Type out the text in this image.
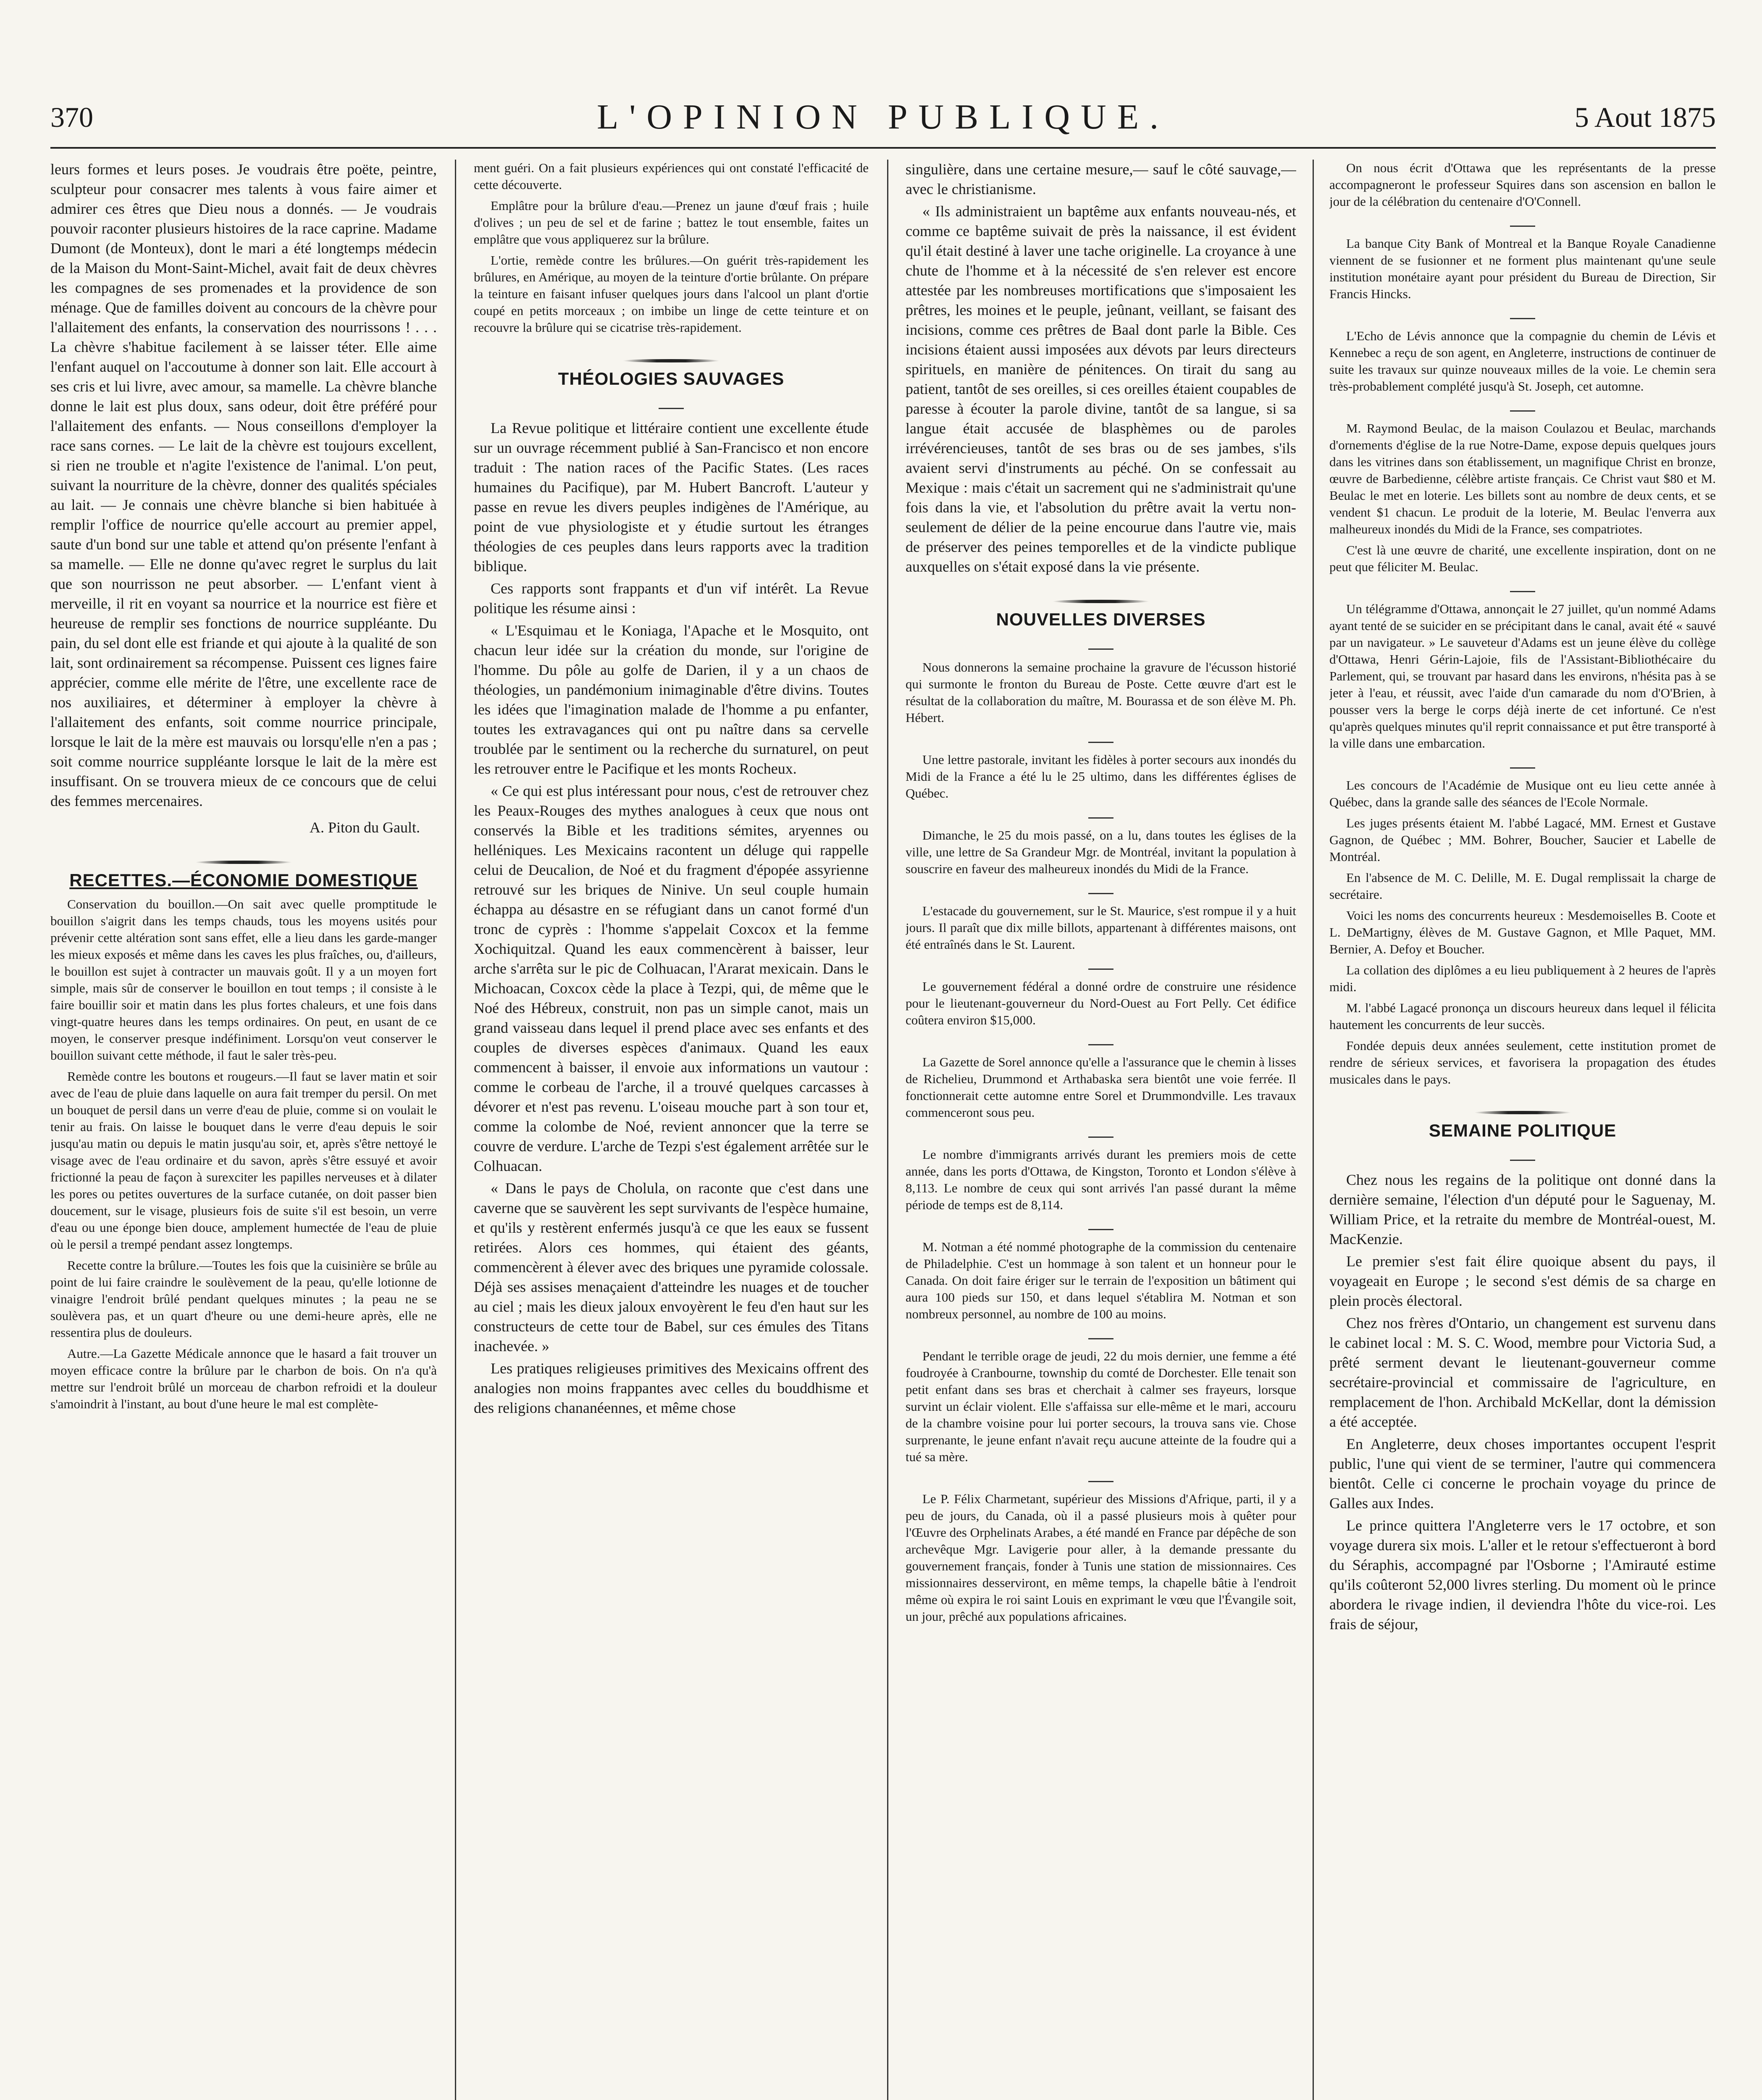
L'OPINION PUBLIQUE.
370	5 Aout 1875

leurs formes et leurs poses. Je voudrais être poëte, peintre, sculpteur pour consacrer mes talents à vous faire aimer et admirer ces êtres que Dieu nous a donnés. — Je voudrais pouvoir raconter plusieurs histoires de la race caprine. Madame Dumont (de Monteux), dont le mari a été longtemps médecin de la Maison du Mont-Saint-Michel, avait fait de deux chèvres les compagnes de ses promenades et la providence de son ménage. Que de familles doivent au concours de la chèvre pour l'allaitement des enfants, la conservation des nourrissons ! . . . La chèvre s'habitue facilement à se laisser téter. Elle aime l'enfant auquel on l'accoutume à donner son lait. Elle accourt à ses cris et lui livre, avec amour, sa mamelle. La chèvre blanche donne le lait est plus doux, sans odeur, doit être préféré pour l'allaitement des enfants. — Nous conseillons d'employer la race sans cornes. — Le lait de la chèvre est toujours excellent, si rien ne trouble et n'agite l'existence de l'animal. L'on peut, suivant la nourriture de la chèvre, donner des qualités spéciales au lait. — Je connais une chèvre blanche si bien habituée à remplir l'office de nourrice qu'elle accourt au premier appel, saute d'un bond sur une table et attend qu'on présente l'enfant à sa mamelle. — Elle ne donne qu'avec regret le surplus du lait que son nourrisson ne peut absorber. — L'enfant vient à merveille, il rit en voyant sa nourrice et la nourrice est fière et heureuse de remplir ses fonctions de nourrice suppléante. Du pain, du sel dont elle est friande et qui ajoute à la qualité de son lait, sont ordinairement sa récompense. Puissent ces lignes faire apprécier, comme elle mérite de l'être, une excellente race de nos auxiliaires, et déterminer à employer la chèvre à l'allaitement des enfants, soit comme nourrice principale, lorsque le lait de la mère est mauvais ou lorsqu'elle n'en a pas ; soit comme nourrice suppléante lorsque le lait de la mère est insuffisant. On se trouvera mieux de ce concours que de celui des femmes mercenaires.

A. Piton du Gault.

RECETTES.—ÉCONOMIE DOMESTIQUE

Conservation du bouillon.—On sait avec quelle promptitude le bouillon s'aigrit dans les temps chauds, tous les moyens usités pour prévenir cette altération sont sans effet, elle a lieu dans les garde-manger les mieux exposés et même dans les caves les plus fraîches, ou, d'ailleurs, le bouillon est sujet à contracter un mauvais goût. Il y a un moyen fort simple, mais sûr de conserver le bouillon en tout temps ; il consiste à le faire bouillir soir et matin dans les plus fortes chaleurs, et une fois dans vingt-quatre heures dans les temps ordinaires. On peut, en usant de ce moyen, le conserver presque indéfiniment. Lorsqu'on veut conserver le bouillon suivant cette méthode, il faut le saler très-peu.

Remède contre les boutons et rougeurs.—Il faut se laver matin et soir avec de l'eau de pluie dans laquelle on aura fait tremper du persil. On met un bouquet de persil dans un verre d'eau de pluie, comme si on voulait le tenir au frais. On laisse le bouquet dans le verre d'eau depuis le soir jusqu'au matin ou depuis le matin jusqu'au soir, et, après s'être nettoyé le visage avec de l'eau ordinaire et du savon, après s'être essuyé et avoir frictionné la peau de façon à surexciter les papilles nerveuses et à dilater les pores ou petites ouvertures de la surface cutanée, on doit passer bien doucement, sur le visage, plusieurs fois de suite s'il est besoin, un verre d'eau ou une éponge bien douce, amplement humectée de l'eau de pluie où le persil a trempé pendant assez longtemps.

Recette contre la brûlure.—Toutes les fois que la cuisinière se brûle au point de lui faire craindre le soulèvement de la peau, qu'elle lotionne de vinaigre l'endroit brûlé pendant quelques minutes ; la peau ne se soulèvera pas, et un quart d'heure ou une demi-heure après, elle ne ressentira plus de douleurs.

Autre.—La Gazette Médicale annonce que le hasard a fait trouver un moyen efficace contre la brûlure par le charbon de bois. On n'a qu'à mettre sur l'endroit brûlé un morceau de charbon refroidi et la douleur s'amoindrit à l'instant, au bout d'une heure le mal est complète-

ment guéri. On a fait plusieurs expériences qui ont constaté l'efficacité de cette découverte.

Emplâtre pour la brûlure d'eau.—Prenez un jaune d'œuf frais ; huile d'olives ; un peu de sel et de farine ; battez le tout ensemble, faites un emplâtre que vous appliquerez sur la brûlure.

L'ortie, remède contre les brûlures.—On guérit très-rapidement les brûlures, en Amérique, au moyen de la teinture d'ortie brûlante. On prépare la teinture en faisant infuser quelques jours dans l'alcool un plant d'ortie coupé en petits morceaux ; on imbibe un linge de cette teinture et on recouvre la brûlure qui se cicatrise très-rapidement.

THÉOLOGIES SAUVAGES

La Revue politique et littéraire contient une excellente étude sur un ouvrage récemment publié à San-Francisco et non encore traduit : The nation races of the Pacific States. (Les races humaines du Pacifique), par M. Hubert Bancroft. L'auteur y passe en revue les divers peuples indigènes de l'Amérique, au point de vue physiologiste et y étudie surtout les étranges théologies de ces peuples dans leurs rapports avec la tradition biblique.

Ces rapports sont frappants et d'un vif intérêt. La Revue politique les résume ainsi :

« L'Esquimau et le Koniaga, l'Apache et le Mosquito, ont chacun leur idée sur la création du monde, sur l'origine de l'homme. Du pôle au golfe de Darien, il y a un chaos de théologies, un pandémonium inimaginable d'être divins. Toutes les idées que l'imagination malade de l'homme a pu enfanter, toutes les extravagances qui ont pu naître dans sa cervelle troublée par le sentiment ou la recherche du surnaturel, on peut les retrouver entre le Pacifique et les monts Rocheux.

« Ce qui est plus intéressant pour nous, c'est de retrouver chez les Peaux-Rouges des mythes analogues à ceux que nous ont conservés la Bible et les traditions sémites, aryennes ou helléniques. Les Mexicains racontent un déluge qui rappelle celui de Deucalion, de Noé et du fragment d'épopée assyrienne retrouvé sur les briques de Ninive. Un seul couple humain échappa au désastre en se réfugiant dans un canot formé d'un tronc de cyprès : l'homme s'appelait Coxcox et la femme Xochiquitzal. Quand les eaux commencèrent à baisser, leur arche s'arrêta sur le pic de Colhuacan, l'Ararat mexicain. Dans le Michoacan, Coxcox cède la place à Tezpi, qui, de même que le Noé des Hébreux, construit, non pas un simple canot, mais un grand vaisseau dans lequel il prend place avec ses enfants et des couples de diverses espèces d'animaux. Quand les eaux commencent à baisser, il envoie aux informations un vautour : comme le corbeau de l'arche, il a trouvé quelques carcasses à dévorer et n'est pas revenu. L'oiseau mouche part à son tour et, comme la colombe de Noé, revient annoncer que la terre se couvre de verdure. L'arche de Tezpi s'est également arrêtée sur le Colhuacan.

« Dans le pays de Cholula, on raconte que c'est dans une caverne que se sauvèrent les sept survivants de l'espèce humaine, et qu'ils y restèrent enfermés jusqu'à ce que les eaux se fussent retirées. Alors ces hommes, qui étaient des géants, commencèrent à élever avec des briques une pyramide colossale. Déjà ses assises menaçaient d'atteindre les nuages et de toucher au ciel ; mais les dieux jaloux envoyèrent le feu d'en haut sur les constructeurs de cette tour de Babel, sur ces émules des Titans inachevée. »

Les pratiques religieuses primitives des Mexicains offrent des analogies non moins frappantes avec celles du bouddhisme et des religions chananéennes, et même chose

singulière, dans une certaine mesure,— sauf le côté sauvage,—avec le christianisme.

« Ils administraient un baptême aux enfants nouveau-nés, et comme ce baptême suivait de près la naissance, il est évident qu'il était destiné à laver une tache originelle. La croyance à une chute de l'homme et à la nécessité de s'en relever est encore attestée par les nombreuses mortifications que s'imposaient les prêtres, les moines et le peuple, jeûnant, veillant, se faisant des incisions, comme ces prêtres de Baal dont parle la Bible. Ces incisions étaient aussi imposées aux dévots par leurs directeurs spirituels, en manière de pénitences. On tirait du sang au patient, tantôt de ses oreilles, si ces oreilles étaient coupables de paresse à écouter la parole divine, tantôt de sa langue, si sa langue était accusée de blasphèmes ou de paroles irrévérencieuses, tantôt de ses bras ou de ses jambes, s'ils avaient servi d'instruments au péché. On se confessait au Mexique : mais c'était un sacrement qui ne s'administrait qu'une fois dans la vie, et l'absolution du prêtre avait la vertu non-seulement de délier de la peine encourue dans l'autre vie, mais de préserver des peines temporelles et de la vindicte publique auxquelles on s'était exposé dans la vie présente.

NOUVELLES DIVERSES

Nous donnerons la semaine prochaine la gravure de l'écusson historié qui surmonte le fronton du Bureau de Poste. Cette œuvre d'art est le résultat de la collaboration du maître, M. Bourassa et de son élève M. Ph. Hébert.

Une lettre pastorale, invitant les fidèles à porter secours aux inondés du Midi de la France a été lu le 25 ultimo, dans les différentes églises de Québec.

Dimanche, le 25 du mois passé, on a lu, dans toutes les églises de la ville, une lettre de Sa Grandeur Mgr. de Montréal, invitant la population à souscrire en faveur des malheureux inondés du Midi de la France.

L'estacade du gouvernement, sur le St. Maurice, s'est rompue il y a huit jours. Il paraît que dix mille billots, appartenant à différentes maisons, ont été entraînés dans le St. Laurent.

Le gouvernement fédéral a donné ordre de construire une résidence pour le lieutenant-gouverneur du Nord-Ouest au Fort Pelly. Cet édifice coûtera environ $15,000.

La Gazette de Sorel annonce qu'elle a l'assurance que le chemin à lisses de Richelieu, Drummond et Arthabaska sera bientôt une voie ferrée. Il fonctionnerait cette automne entre Sorel et Drummondville. Les travaux commenceront sous peu.

Le nombre d'immigrants arrivés durant les premiers mois de cette année, dans les ports d'Ottawa, de Kingston, Toronto et London s'élève à 8,113. Le nombre de ceux qui sont arrivés l'an passé durant la même période de temps est de 8,114.

M. Notman a été nommé photographe de la commission du centenaire de Philadelphie. C'est un hommage à son talent et un honneur pour le Canada. On doit faire ériger sur le terrain de l'exposition un bâtiment qui aura 100 pieds sur 150, et dans lequel s'établira M. Notman et son nombreux personnel, au nombre de 100 au moins.

Pendant le terrible orage de jeudi, 22 du mois dernier, une femme a été foudroyée à Cranbourne, township du comté de Dorchester. Elle tenait son petit enfant dans ses bras et cherchait à calmer ses frayeurs, lorsque survint un éclair violent. Elle s'affaissa sur elle-même et le mari, accouru de la chambre voisine pour lui porter secours, la trouva sans vie. Chose surprenante, le jeune enfant n'avait reçu aucune atteinte de la foudre qui a tué sa mère.

Le P. Félix Charmetant, supérieur des Missions d'Afrique, parti, il y a peu de jours, du Canada, où il a passé plusieurs mois à quêter pour l'Œuvre des Orphelinats Arabes, a été mandé en France par dépêche de son archevêque Mgr. Lavigerie pour aller, à la demande pressante du gouvernement français, fonder à Tunis une station de missionnaires. Ces missionnaires desserviront, en même temps, la chapelle bâtie à l'endroit même où expira le roi saint Louis en exprimant le vœu que l'Évangile soit, un jour, prêché aux populations africaines.

On nous écrit d'Ottawa que les représentants de la presse accompagneront le professeur Squires dans son ascension en ballon le jour de la célébration du centenaire d'O'Connell.

La banque City Bank of Montreal et la Banque Royale Canadienne viennent de se fusionner et ne forment plus maintenant qu'une seule institution monétaire ayant pour président du Bureau de Direction, Sir Francis Hincks.

L'Echo de Lévis annonce que la compagnie du chemin de Lévis et Kennebec a reçu de son agent, en Angleterre, instructions de continuer de suite les travaux sur quinze nouveaux milles de la voie. Le chemin sera très-probablement complété jusqu'à St. Joseph, cet automne.

M. Raymond Beulac, de la maison Coulazou et Beulac, marchands d'ornements d'église de la rue Notre-Dame, expose depuis quelques jours dans les vitrines dans son établissement, un magnifique Christ en bronze, œuvre de Barbedienne, célèbre artiste français. Ce Christ vaut $80 et M. Beulac le met en loterie. Les billets sont au nombre de deux cents, et se vendent $1 chacun. Le produit de la loterie, M. Beulac l'enverra aux malheureux inondés du Midi de la France, ses compatriotes.

C'est là une œuvre de charité, une excellente inspiration, dont on ne peut que féliciter M. Beulac.

Un télégramme d'Ottawa, annonçait le 27 juillet, qu'un nommé Adams ayant tenté de se suicider en se précipitant dans le canal, avait été « sauvé par un navigateur. » Le sauveteur d'Adams est un jeune élève du collège d'Ottawa, Henri Gérin-Lajoie, fils de l'Assistant-Bibliothécaire du Parlement, qui, se trouvant par hasard dans les environs, n'hésita pas à se jeter à l'eau, et réussit, avec l'aide d'un camarade du nom d'O'Brien, à pousser vers la berge le corps déjà inerte de cet infortuné. Ce n'est qu'après quelques minutes qu'il reprit connaissance et put être transporté à la ville dans une embarcation.

Les concours de l'Académie de Musique ont eu lieu cette année à Québec, dans la grande salle des séances de l'Ecole Normale.

Les juges présents étaient M. l'abbé Lagacé, MM. Ernest et Gustave Gagnon, de Québec ; MM. Bohrer, Boucher, Saucier et Labelle de Montréal.

En l'absence de M. C. Delille, M. E. Dugal remplissait la charge de secrétaire.

Voici les noms des concurrents heureux : Mesdemoiselles B. Coote et L. DeMartigny, élèves de M. Gustave Gagnon, et Mlle Paquet, MM. Bernier, A. Defoy et Boucher.

La collation des diplômes a eu lieu publiquement à 2 heures de l'après midi.

M. l'abbé Lagacé prononça un discours heureux dans lequel il félicita hautement les concurrents de leur succès.

Fondée depuis deux années seulement, cette institution promet de rendre de sérieux services, et favorisera la propagation des études musicales dans le pays.

SEMAINE POLITIQUE

Chez nous les regains de la politique ont donné dans la dernière semaine, l'élection d'un député pour le Saguenay, M. William Price, et la retraite du membre de Montréal-ouest, M. MacKenzie.

Le premier s'est fait élire quoique absent du pays, il voyageait en Europe ; le second s'est démis de sa charge en plein procès électoral.

Chez nos frères d'Ontario, un changement est survenu dans le cabinet local : M. S. C. Wood, membre pour Victoria Sud, a prêté serment devant le lieutenant-gouverneur comme secrétaire-provincial et commissaire de l'agriculture, en remplacement de l'hon. Archibald McKellar, dont la démission a été acceptée.

En Angleterre, deux choses importantes occupent l'esprit public, l'une qui vient de se terminer, l'autre qui commencera bientôt. Celle ci concerne le prochain voyage du prince de Galles aux Indes.

Le prince quittera l'Angleterre vers le 17 octobre, et son voyage durera six mois. L'aller et le retour s'effectueront à bord du Séraphis, accompagné par l'Osborne ; l'Amirauté estime qu'ils coûteront 52,000 livres sterling. Du moment où le prince abordera le rivage indien, il deviendra l'hôte du vice-roi. Les frais de séjour,
